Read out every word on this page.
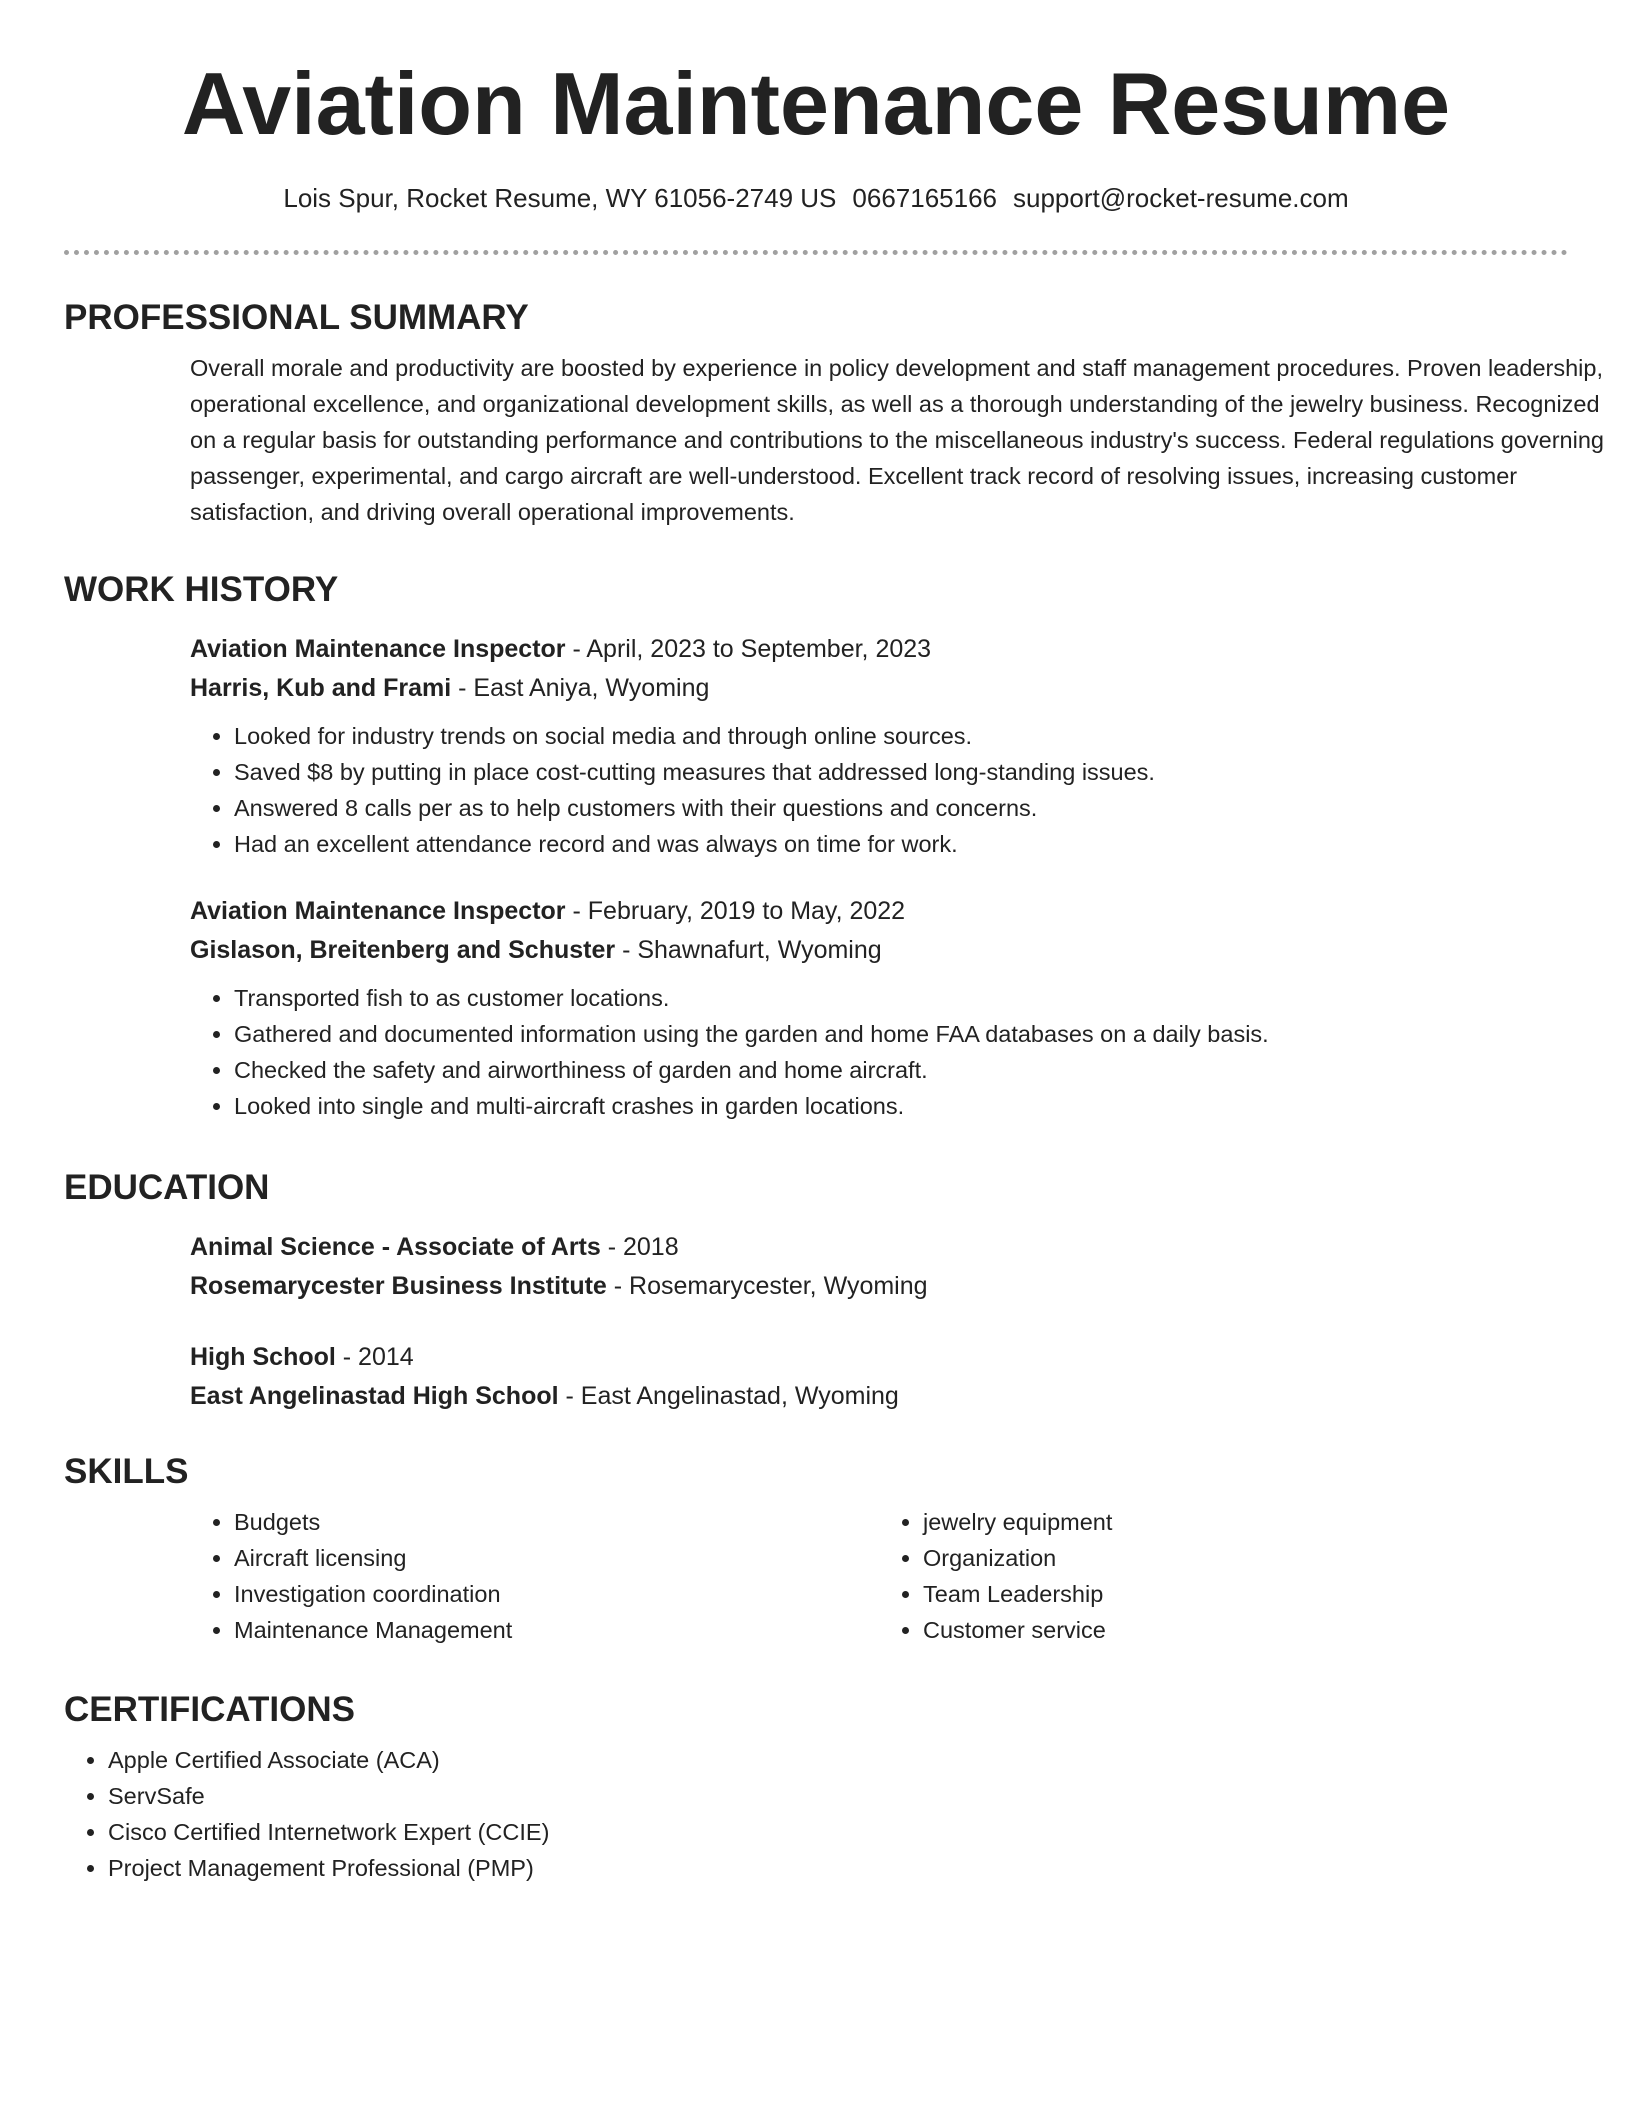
Aviation Maintenance Resume
Lois Spur, Rocket Resume, WY 61056-2749 US 0667165166 support@rocket-resume.com
PROFESSIONAL SUMMARY
Overall morale and productivity are boosted by experience in policy development and staff management procedures. Proven leadership, operational excellence, and organizational development skills, as well as a thorough understanding of the jewelry business. Recognized on a regular basis for outstanding performance and contributions to the miscellaneous industry's success. Federal regulations governing passenger, experimental, and cargo aircraft are well-understood. Excellent track record of resolving issues, increasing customer satisfaction, and driving overall operational improvements.
WORK HISTORY
Aviation Maintenance Inspector - April, 2023 to September, 2023
Harris, Kub and Frami - East Aniya, Wyoming
• Looked for industry trends on social media and through online sources.
• Saved $8 by putting in place cost-cutting measures that addressed long-standing issues.
• Answered 8 calls per as to help customers with their questions and concerns.
• Had an excellent attendance record and was always on time for work.
Aviation Maintenance Inspector - February, 2019 to May, 2022
Gislason, Breitenberg and Schuster - Shawnafurt, Wyoming
• Transported fish to as customer locations.
• Gathered and documented information using the garden and home FAA databases on a daily basis.
• Checked the safety and airworthiness of garden and home aircraft.
• Looked into single and multi-aircraft crashes in garden locations.
EDUCATION
Animal Science - Associate of Arts - 2018
Rosemarycester Business Institute - Rosemarycester, Wyoming
High School - 2014
East Angelinastad High School - East Angelinastad, Wyoming
SKILLS
• Budgets
• Aircraft licensing
• Investigation coordination
• Maintenance Management
• jewelry equipment
• Organization
• Team Leadership
• Customer service
CERTIFICATIONS
• Apple Certified Associate (ACA)
• ServSafe
• Cisco Certified Internetwork Expert (CCIE)
• Project Management Professional (PMP)
